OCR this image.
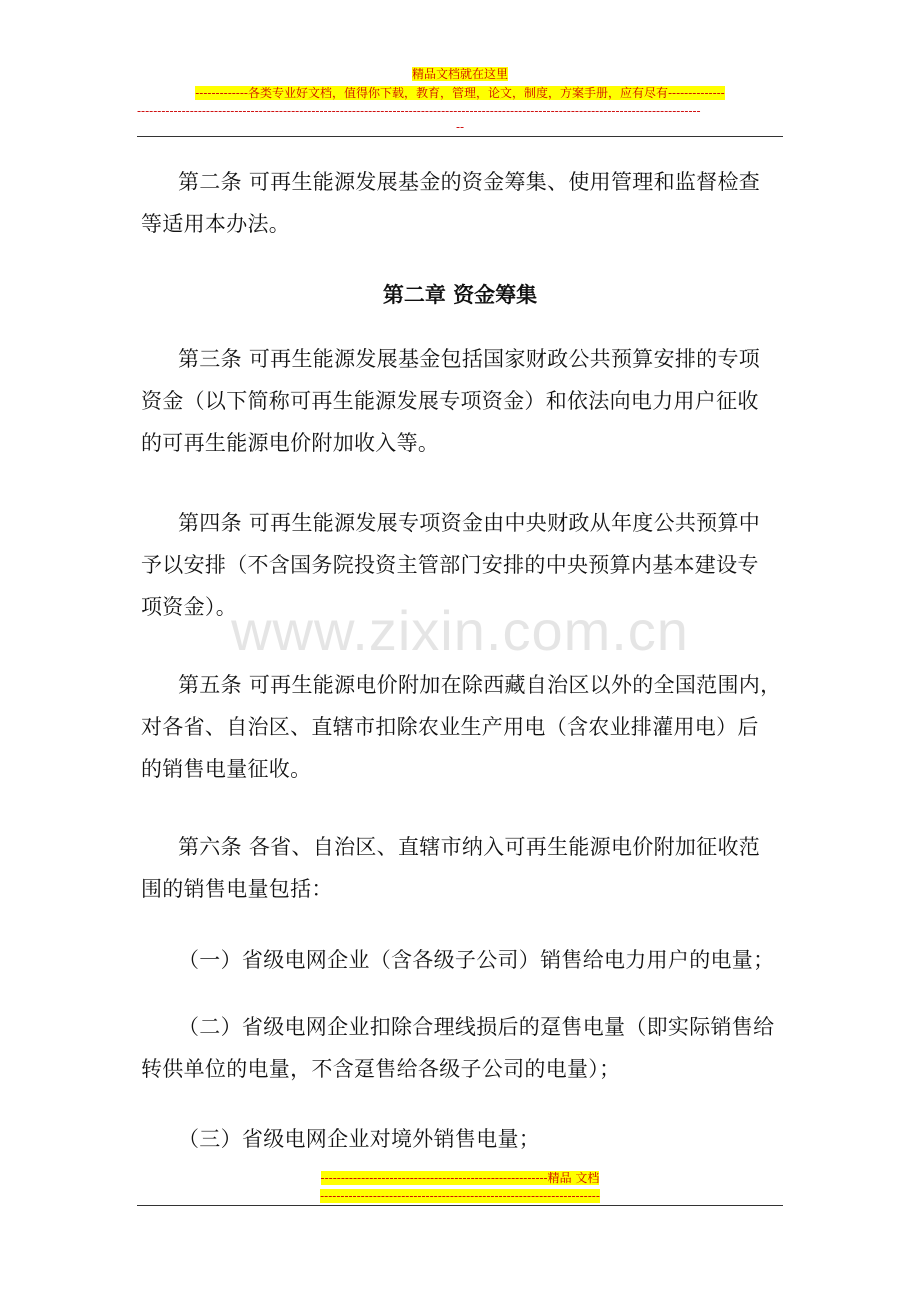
精品文档就在这里
-------------各类专业好文档，值得你下载，教育，管理，论文，制度，方案手册，应有尽有--------------
-------------------------------------------------------------------------------------------------------------------------------------------
--
第二条 可再生能源发展基金的资金筹集、使用管理和监督检查
等适用本办法。
第二章 资金筹集
第三条 可再生能源发展基金包括国家财政公共预算安排的专项
资金（以下简称可再生能源发展专项资金）和依法向电力用户征收
的可再生能源电价附加收入等。
第四条 可再生能源发展专项资金由中央财政从年度公共预算中
予以安排（不含国务院投资主管部门安排的中央预算内基本建设专
项资金）。
第五条 可再生能源电价附加在除西藏自治区以外的全国范围内，
对各省、自治区、直辖市扣除农业生产用电（含农业排灌用电）后
的销售电量征收。
第六条 各省、自治区、直辖市纳入可再生能源电价附加征收范
围的销售电量包括：
（一）省级电网企业（含各级子公司）销售给电力用户的电量；
（二）省级电网企业扣除合理线损后的趸售电量（即实际销售给
转供单位的电量，不含趸售给各级子公司的电量）；
（三）省级电网企业对境外销售电量；
www.zixin.com.cn
--------------------------------------------------------精品 文档
---------------------------------------------------------------------
